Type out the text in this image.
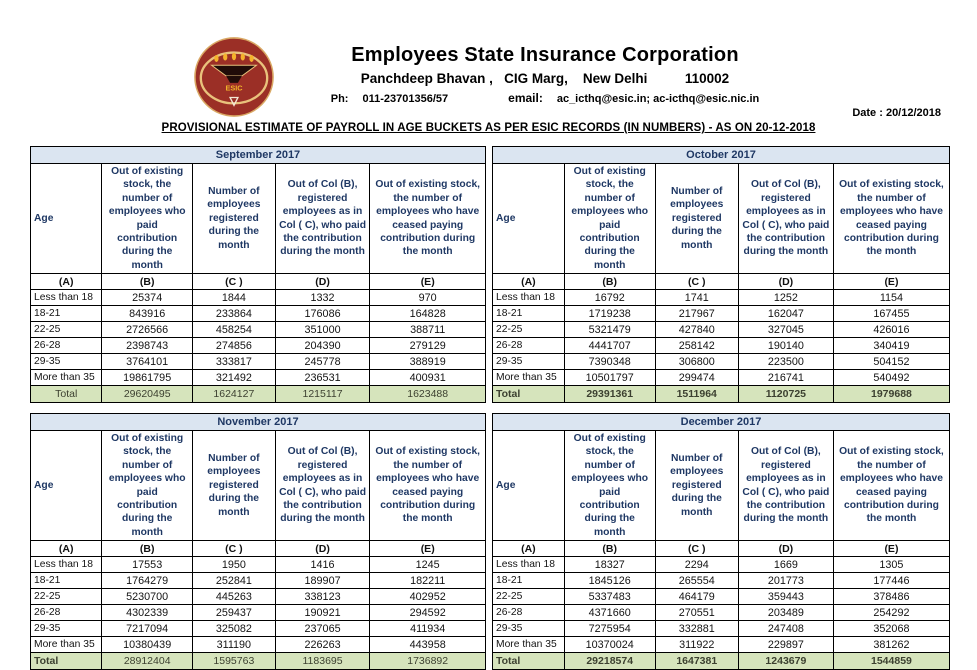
ESIC
Employees State Insurance Corporation
Panchdeep Bhavan ,   CIG Marg,    New Delhi          110002
Ph: 011-23701356/57	email: ac_icthq@esic.in; ac-icthq@esic.nic.in
Date : 20/12/2018
PROVISIONAL ESTIMATE OF PAYROLL IN AGE BUCKETS AS PER ESIC RECORDS (IN NUMBERS) - AS ON 20-12-2018
September 2017				
Age	Out of existing stock, the number of employees who paid contribution during the month	Number of employees registered during the month	Out of Col (B), registered employees as in Col ( C), who paid the contribution during the month	Out of existing stock, the number of employees who have ceased paying contribution during the month
(A)	(B)	(C )	(D)	(E)
Less than 18	25374	1844	1332	970
18-21	843916	233864	176086	164828
22-25	2726566	458254	351000	388711
26-28	2398743	274856	204390	279129
29-35	3764101	333817	245778	388919
More than 35	19861795	321492	236531	400931
Total	29620495	1624127	1215117	1623488
October 2017				
Age	Out of existing stock, the number of employees who paid contribution during the month	Number of employees registered during the month	Out of Col (B), registered employees as in Col ( C), who paid the contribution during the month	Out of existing stock, the number of employees who have ceased paying contribution during the month
(A)	(B)	(C )	(D)	(E)
Less than 18	16792	1741	1252	1154
18-21	1719238	217967	162047	167455
22-25	5321479	427840	327045	426016
26-28	4441707	258142	190140	340419
29-35	7390348	306800	223500	504152
More than 35	10501797	299474	216741	540492
Total	29391361	1511964	1120725	1979688
November 2017				
Age	Out of existing stock, the number of employees who paid contribution during the month	Number of employees registered during the month	Out of Col (B), registered employees as in Col ( C), who paid the contribution during the month	Out of existing stock, the number of employees who have ceased paying contribution during the month
(A)	(B)	(C )	(D)	(E)
Less than 18	17553	1950	1416	1245
18-21	1764279	252841	189907	182211
22-25	5230700	445263	338123	402952
26-28	4302339	259437	190921	294592
29-35	7217094	325082	237065	411934
More than 35	10380439	311190	226263	443958
Total	28912404	1595763	1183695	1736892
December 2017				
Age	Out of existing stock, the number of employees who paid contribution during the month	Number of employees registered during the month	Out of Col (B), registered employees as in Col ( C), who paid the contribution during the month	Out of existing stock, the number of employees who have ceased paying contribution during the month
(A)	(B)	(C )	(D)	(E)
Less than 18	18327	2294	1669	1305
18-21	1845126	265554	201773	177446
22-25	5337483	464179	359443	378486
26-28	4371660	270551	203489	254292
29-35	7275954	332881	247408	352068
More than 35	10370024	311922	229897	381262
Total	29218574	1647381	1243679	1544859
